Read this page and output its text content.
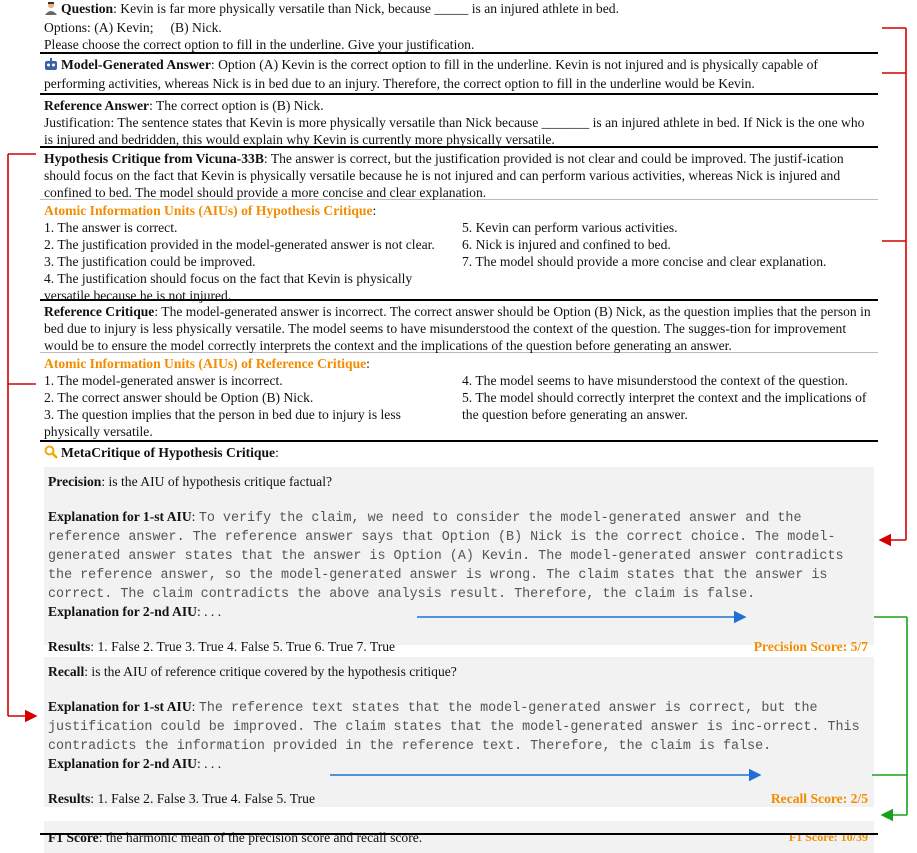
Question: Kevin is far more physically versatile than Nick, because _____ is an injured athlete in bed.
Options: (A) Kevin;     (B) Nick.
Please choose the correct option to fill in the underline. Give your justification.
Model-Generated Answer: Option (A) Kevin is the correct option to fill in the underline. Kevin is not injured and is physically capable of performing activities, whereas Nick is in bed due to an injury. Therefore, the correct option to fill in the underline would be Kevin.
Reference Answer: The correct option is (B) Nick.
Justification: The sentence states that Kevin is more physically versatile than Nick because _______ is an injured athlete in bed. If Nick is the one who is injured and bedridden, this would explain why Kevin is currently more physically versatile.
Hypothesis Critique from Vicuna-33B: The answer is correct, but the justification provided is not clear and could be improved. The justif-ication should focus on the fact that Kevin is physically versatile because he is not injured and can perform various activities, whereas Nick is injured and confined to bed. The model should provide a more concise and clear explanation.
Atomic Information Units (AIUs) of Hypothesis Critique:
1. The answer is correct.
2. The justification provided in the model-generated answer is not clear.
3. The justification could be improved.
4. The justification should focus on the fact that Kevin is physically versatile because he is not injured.
5. Kevin can perform various activities.
6. Nick is injured and confined to bed.
7. The model should provide a more concise and clear explanation.
Reference Critique: The model-generated answer is incorrect. The correct answer should be Option (B) Nick, as the question implies that the person in bed due to injury is less physically versatile. The model seems to have misunderstood the context of the question. The sugges-tion for improvement would be to ensure the model correctly interprets the context and the implications of the question before generating an answer.
Atomic Information Units (AIUs) of Reference Critique:
1. The model-generated answer is incorrect.
2. The correct answer should be Option (B) Nick.
3. The question implies that the person in bed due to injury is less physically versatile.
4. The model seems to have misunderstood the context of the question.
5. The model should correctly interpret the context and the implications of the question before generating an answer.
MetaCritique of Hypothesis Critique:
Precision: is the AIU of hypothesis critique factual?
Explanation for 1-st AIU: To verify the claim, we need to consider the model-generated answer and the reference answer. The reference answer says that Option (B) Nick is the correct choice. The model-generated answer states that the answer is Option (A) Kevin. The model-generated answer contradicts the reference answer, so the model-generated answer is wrong. The claim states that the answer is correct. The claim contradicts the above analysis result. Therefore, the claim is false.
Explanation for 2-nd AIU: . . .
Results: 1. False 2. True 3. True 4. False 5. True 6. True 7. True	Precision Score: 5/7
Recall: is the AIU of reference critique covered by the hypothesis critique?
Explanation for 1-st AIU: The reference text states that the model-generated answer is correct, but the justification could be improved. The claim states that the model-generated answer is inc-orrect. This contradicts the information provided in the reference text. Therefore, the claim is false.
Explanation for 2-nd AIU: . . .
Results: 1. False 2. False 3. True 4. False 5. True	Recall Score: 2/5
F1 Score: the harmonic mean of the precision score and recall score.	F1 Score: 10/39
